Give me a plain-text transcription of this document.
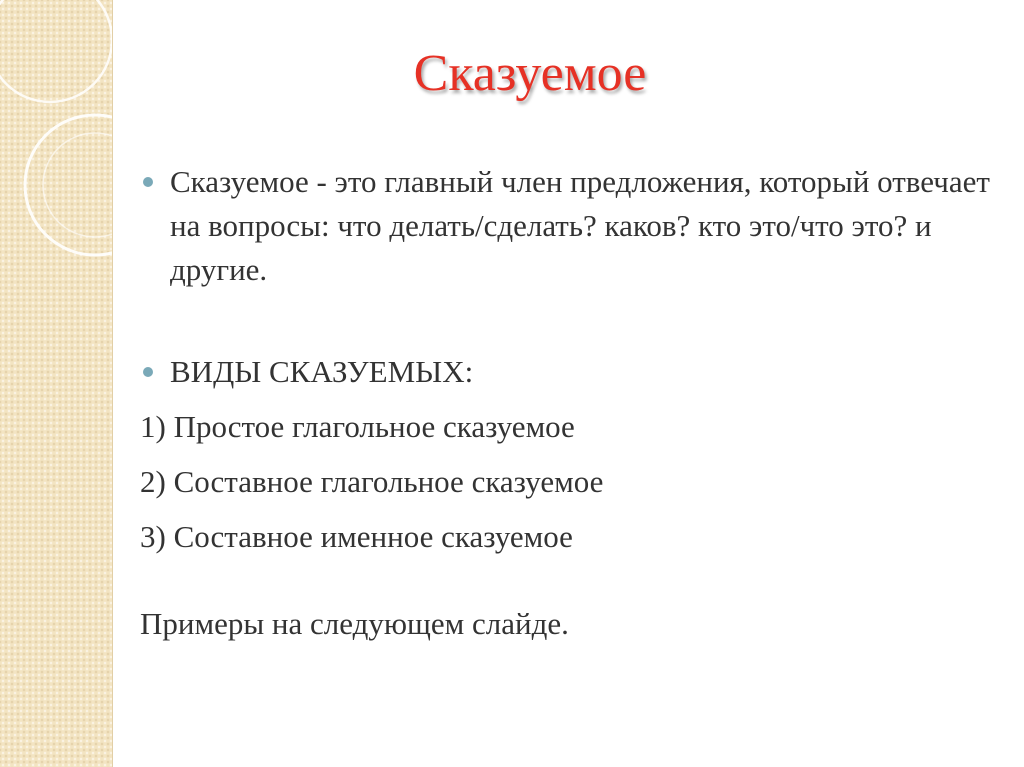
Сказуемое
Сказуемое - это главный член предложения, который отвечает на вопросы: что делать/сделать? каков? кто это/что это? и другие.
ВИДЫ СКАЗУЕМЫХ:
1) Простое глагольное сказуемое
2) Составное глагольное сказуемое
3) Составное именное сказуемое
Примеры на следующем слайде.
